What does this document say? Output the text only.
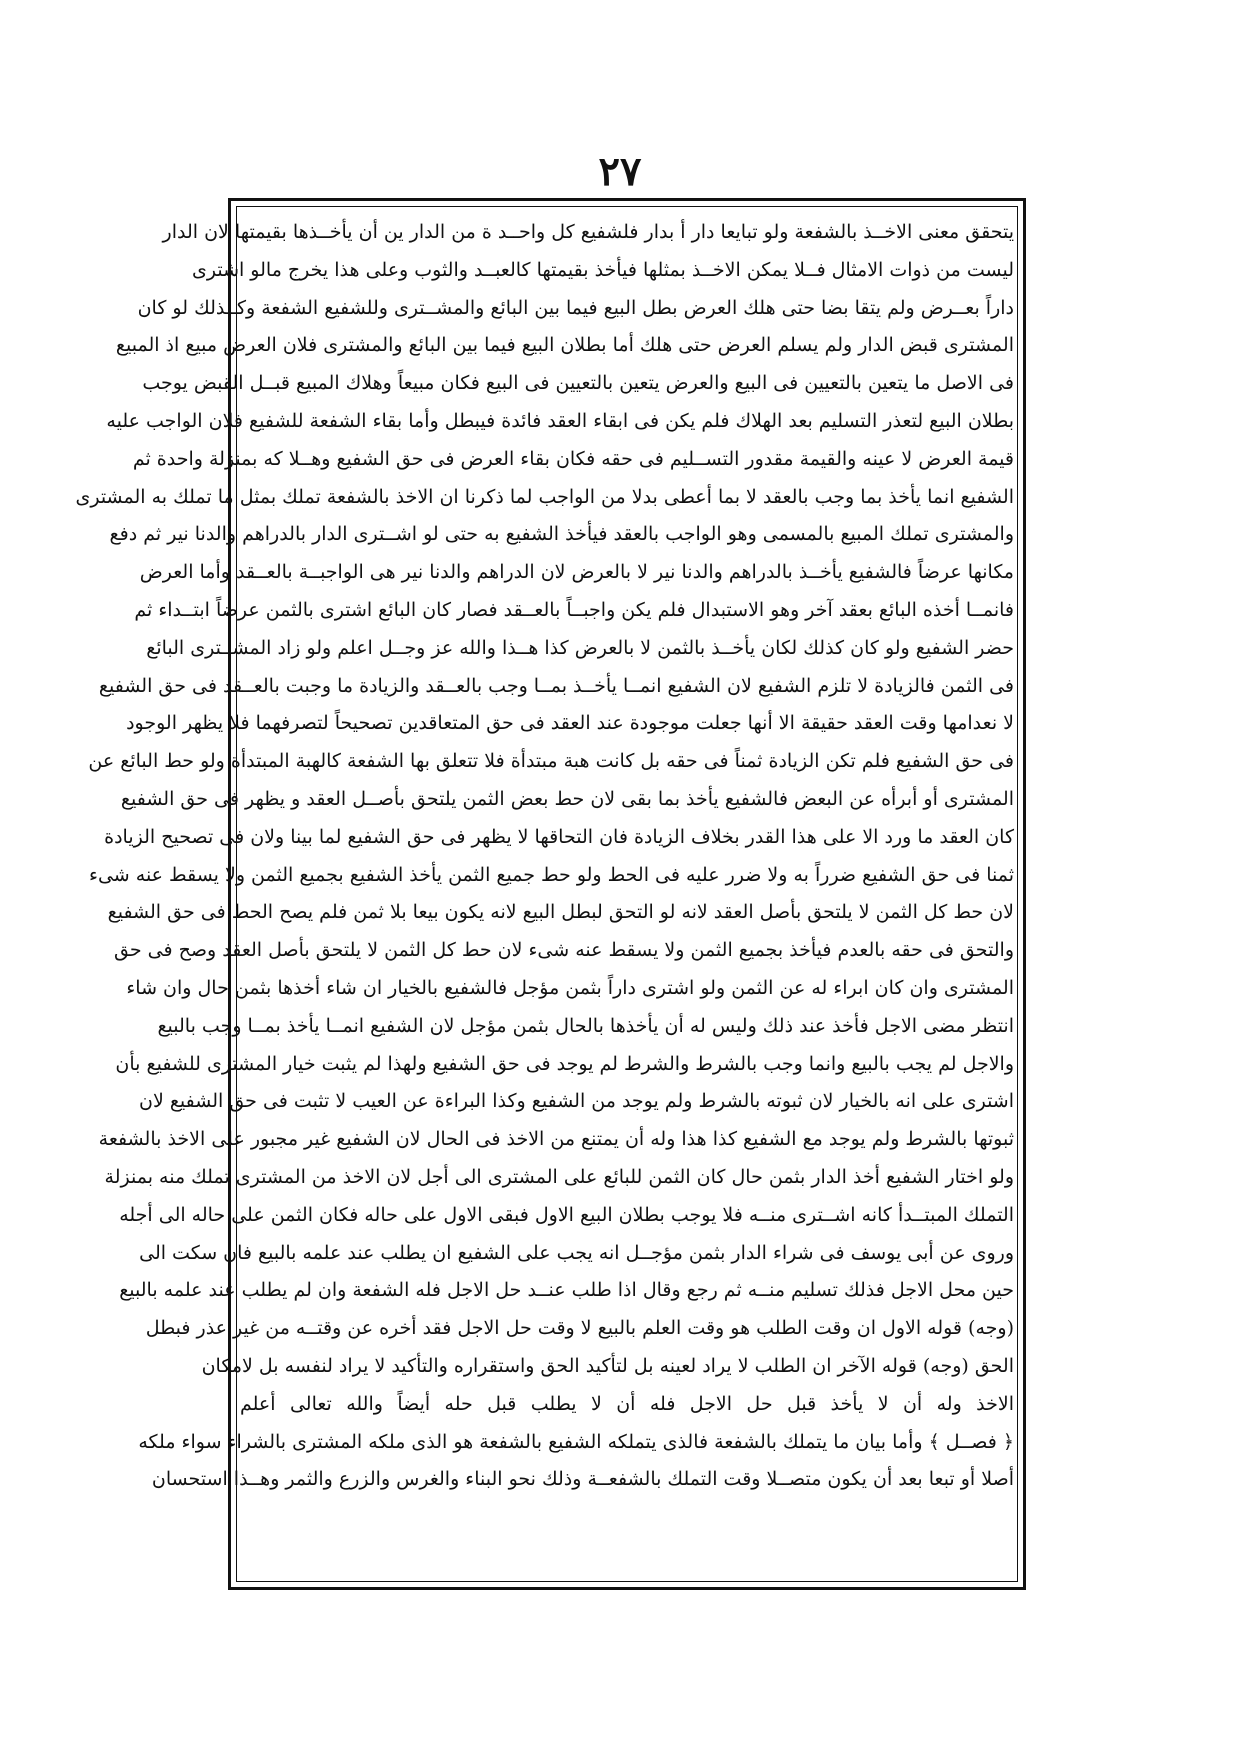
٢٧
يتحقق معنى الاخــذ بالشفعة ولو تبايعا دار أ بدار فلشفيع كل واحــد ة من الدار ين أن يأخــذها بقيمتها لان الدار
ليست من ذوات الامثال فــلا يمكن الاخــذ بمثلها فيأخذ بقيمتها كالعبــد والثوب وعلى هذا يخرج مالو اشترى
داراً بعــرض ولم يتقا بضا حتى هلك العرض بطل البيع فيما بين البائع والمشــترى وللشفيع الشفعة وكــذلك لو كان
المشترى قبض الدار ولم يسلم العرض حتى هلك أما بطلان البيع فيما بين البائع والمشترى فلان العرض مبيع اذ المبيع
فى الاصل ما يتعين بالتعيين فى البيع والعرض يتعين بالتعيين فى البيع فكان مبيعاً وهلاك المبيع قبــل القبض يوجب
بطلان البيع لتعذر التسليم بعد الهلاك فلم يكن فى ابقاء العقد فائدة فيبطل وأما بقاء الشفعة للشفيع فلان الواجب عليه
قيمة العرض لا عينه والقيمة مقدور التســليم فى حقه فكان بقاء العرض فى حق الشفيع وهــلا كه بمنزلة واحدة ثم
الشفيع انما يأخذ بما وجب بالعقد لا بما أعطى بدلا من الواجب لما ذكرنا ان الاخذ بالشفعة تملك بمثل ما تملك به المشترى
والمشترى تملك المبيع بالمسمى وهو الواجب بالعقد فيأخذ الشفيع به حتى لو اشــترى الدار بالدراهم والدنا نير ثم دفع
مكانها عرضاً فالشفيع يأخــذ بالدراهم والدنا نير لا بالعرض لان الدراهم والدنا نير هى الواجبــة بالعــقد وأما العرض
فانمــا أخذه البائع بعقد آخر وهو الاستبدال فلم يكن واجبــاً بالعــقد فصار كان البائع اشترى بالثمن عرضاً ابتــداء ثم
حضر الشفيع ولو كان كذلك لكان يأخــذ بالثمن لا بالعرض كذا هــذا والله عز وجــل اعلم ولو زاد المشــترى البائع
فى الثمن فالزيادة لا تلزم الشفيع لان الشفيع انمــا يأخــذ بمــا وجب بالعــقد والزيادة ما وجبت بالعــقد فى حق الشفيع
لا نعدامها وقت العقد حقيقة الا أنها جعلت موجودة عند العقد فى حق المتعاقدين تصحيحاً لتصرفهما فلا يظهر الوجود
فى حق الشفيع فلم تكن الزيادة ثمناً فى حقه بل كانت هبة مبتدأة فلا تتعلق بها الشفعة كالهبة المبتدأة ولو حط البائع عن
المشترى أو أبرأه عن البعض فالشفيع يأخذ بما بقى لان حط بعض الثمن يلتحق بأصــل العقد و يظهر فى حق الشفيع
كان العقد ما ورد الا على هذا القدر بخلاف الزيادة فان التحاقها لا يظهر فى حق الشفيع لما بينا ولان فى تصحيح الزيادة
ثمنا فى حق الشفيع ضرراً به ولا ضرر عليه فى الحط ولو حط جميع الثمن يأخذ الشفيع بجميع الثمن ولا يسقط عنه شىء
لان حط كل الثمن لا يلتحق بأصل العقد لانه لو التحق لبطل البيع لانه يكون بيعا بلا ثمن فلم يصح الحط فى حق الشفيع
والتحق فى حقه بالعدم فيأخذ بجميع الثمن ولا يسقط عنه شىء لان حط كل الثمن لا يلتحق بأصل العقد وصح فى حق
المشترى وان كان ابراء له عن الثمن ولو اشترى داراً بثمن مؤجل فالشفيع بالخيار ان شاء أخذها بثمن حال وان شاء
انتظر مضى الاجل فأخذ عند ذلك وليس له أن يأخذها بالحال بثمن مؤجل لان الشفيع انمــا يأخذ بمــا وجب بالبيع
والاجل لم يجب بالبيع وانما وجب بالشرط والشرط لم يوجد فى حق الشفيع ولهذا لم يثبت خيار المشترى للشفيع بأن
اشترى على انه بالخيار لان ثبوته بالشرط ولم يوجد من الشفيع وكذا البراءة عن العيب لا تثبت فى حق الشفيع لان
ثبوتها بالشرط ولم يوجد مع الشفيع كذا هذا وله أن يمتنع من الاخذ فى الحال لان الشفيع غير مجبور على الاخذ بالشفعة
ولو اختار الشفيع أخذ الدار بثمن حال كان الثمن للبائع على المشترى الى أجل لان الاخذ من المشترى تملك منه بمنزلة
التملك المبتــدأ كانه اشــترى منــه فلا يوجب بطلان البيع الاول فبقى الاول على حاله فكان الثمن على حاله الى أجله
وروى عن أبى يوسف فى شراء الدار بثمن مؤجــل انه يجب على الشفيع ان يطلب عند علمه بالبيع فان سكت الى
حين محل الاجل فذلك تسليم منــه ثم رجع وقال اذا طلب عنــد حل الاجل فله الشفعة وان لم يطلب عند علمه بالبيع
(وجه) قوله الاول ان وقت الطلب هو وقت العلم بالبيع لا وقت حل الاجل فقد أخره عن وقتــه من غير عذر فبطل
الحق (وجه) قوله الآخر ان الطلب لا يراد لعينه بل لتأكيد الحق واستقراره والتأكيد لا يراد لنفسه بل لامكان
الاخذ وله أن لا يأخذ قبل حل الاجل فله أن لا يطلب قبل حله أيضاً والله تعالى أعلم
﴿ فصــل ﴾ وأما بيان ما يتملك بالشفعة فالذى يتملكه الشفيع بالشفعة هو الذى ملكه المشترى بالشراء سواء ملكه
أصلا أو تبعا بعد أن يكون متصــلا وقت التملك بالشفعــة وذلك نحو البناء والغرس والزرع والثمر وهــذا استحسان
